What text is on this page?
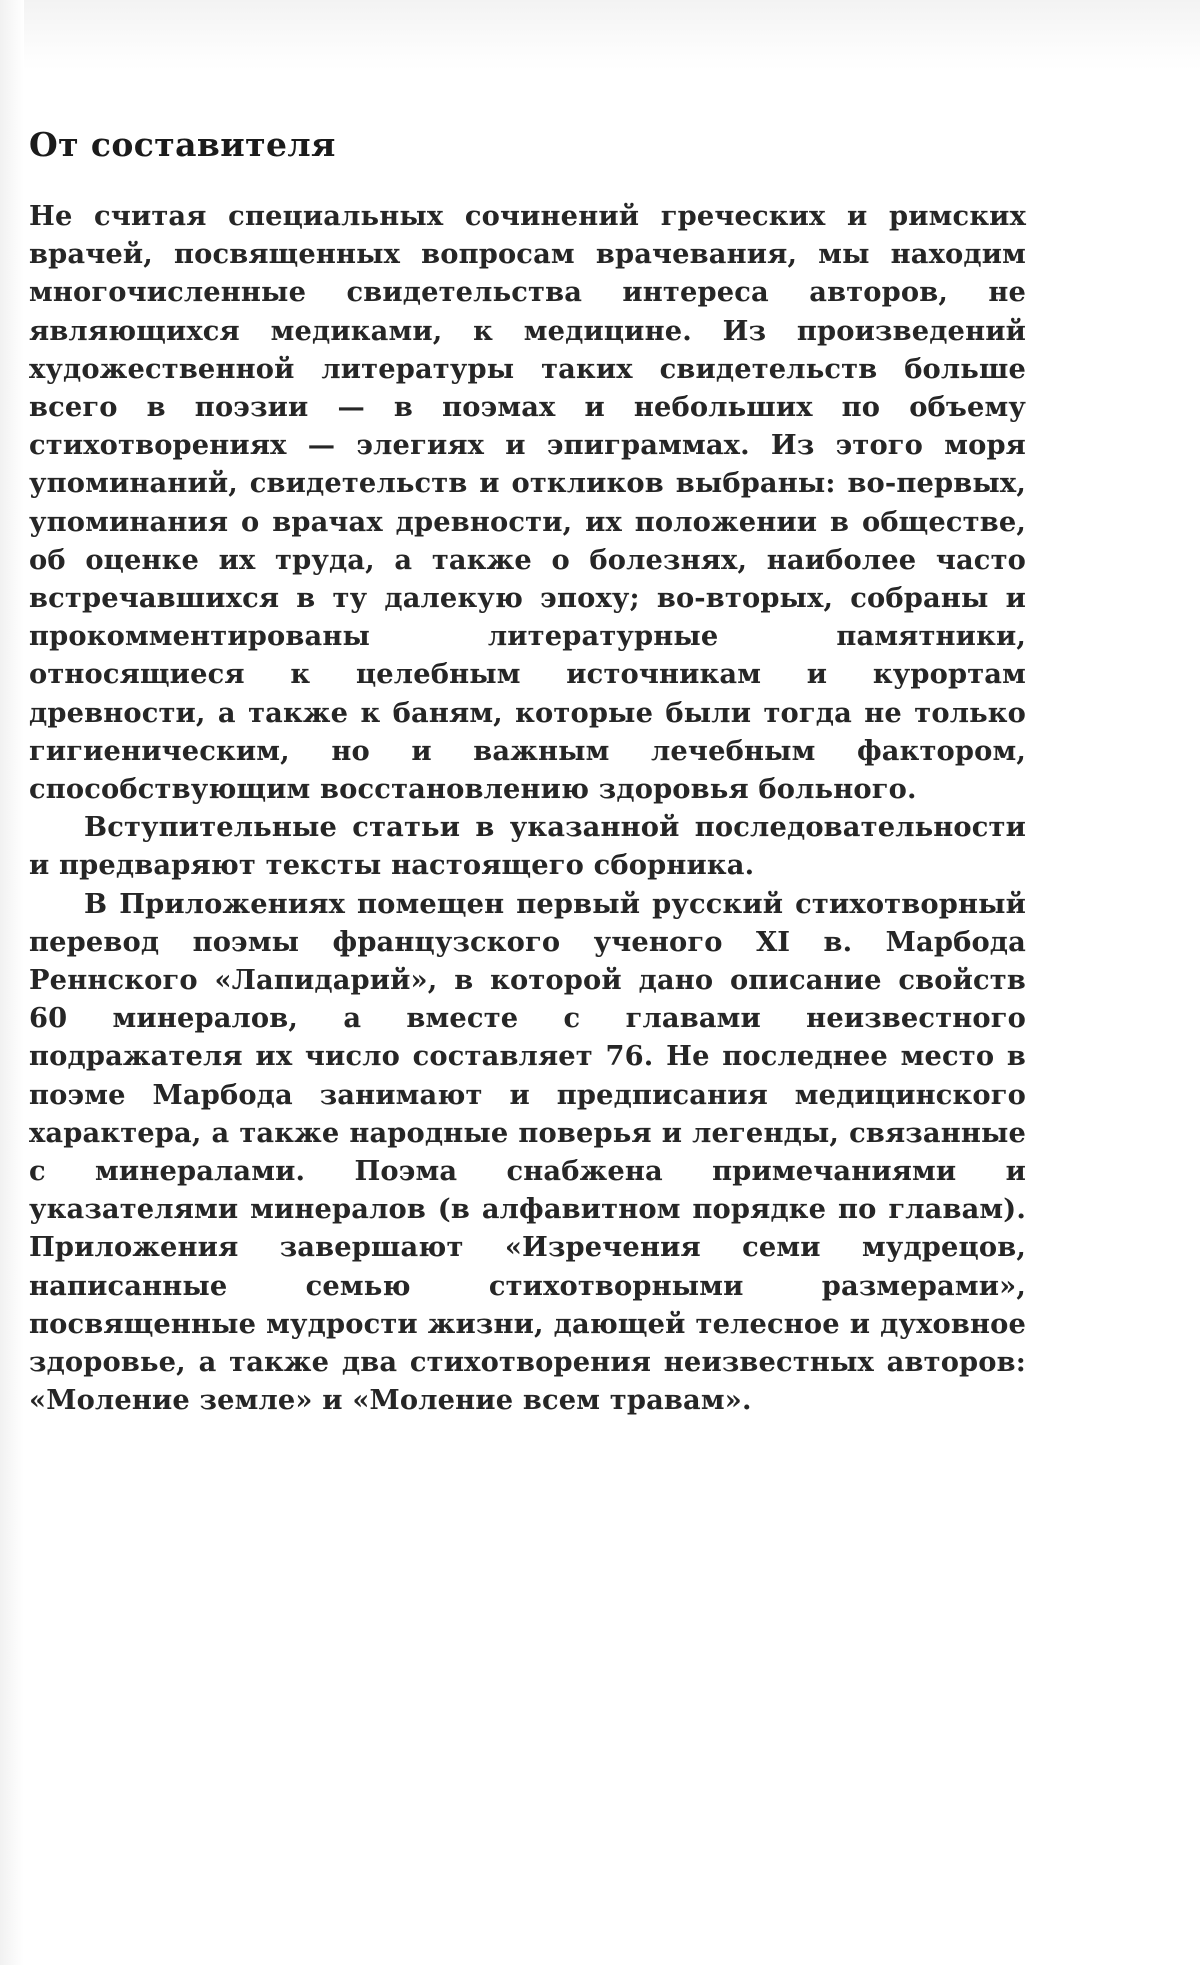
От составителя

Не считая специальных сочинений греческих и римских врачей, посвященных вопросам врачевания, мы находим многочисленные свидетельства интереса авторов, не являющихся медиками, к медицине. Из произведений художественной литературы таких свидетельств больше всего в поэзии — в поэмах и небольших по объему стихотворениях — элегиях и эпиграммах. Из этого моря упоминаний, свидетельств и откликов выбраны: во-первых, упоминания о врачах древности, их положении в обществе, об оценке их труда, а также о болезнях, наиболее часто встречавшихся в ту далекую эпоху; во-вторых, собраны и прокомментированы литературные памятники, относящиеся к целебным источникам и курортам древности, а также к баням, которые были тогда не только гигиеническим, но и важным лечебным фактором, способствующим восстановлению здоровья больного.

Вступительные статьи в указанной последовательности и предваряют тексты настоящего сборника.

В Приложениях помещен первый русский стихотворный перевод поэмы французского ученого XI в. Марбода Реннского «Лапидарий», в которой дано описание свойств 60 минералов, а вместе с главами неизвестного подражателя их число составляет 76. Не последнее место в поэме Марбода занимают и предписания медицинского характера, а также народные поверья и легенды, связанные с минералами. Поэма снабжена примечаниями и указателями минералов (в алфавитном порядке по главам). Приложения завершают «Изречения семи мудрецов, написанные семью стихотворными размерами», посвященные мудрости жизни, дающей телесное и духовное здоровье, а также два стихотворения неизвестных авторов: «Моление земле» и «Моление всем травам».
